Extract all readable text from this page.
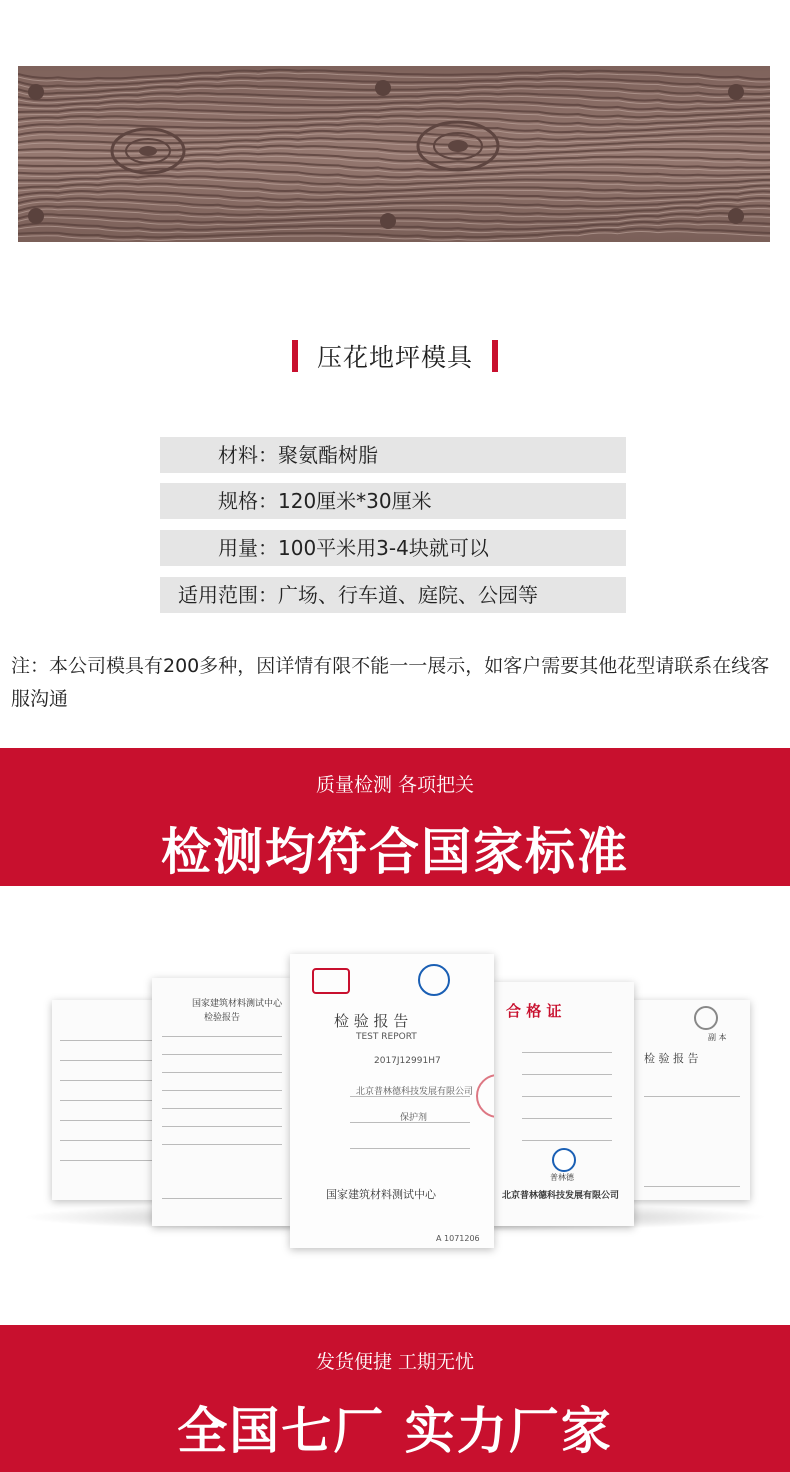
压花地坪模具
材料： 聚氨酯树脂
规格： 120厘米*30厘米
用量： 100平米用3-4块就可以
适用范围： 广场、行车道、庭院、公园等
注：本公司模具有200多种，因详情有限不能一一展示，如客户需要其他花型请联系在线客服沟通
质量检测 各项把关
检测均符合国家标准
国家建筑材料测试中心
检验报告
副 本
检 验 报 告
合 格 证
普林德
北京普林德科技发展有限公司
检 验 报 告
TEST REPORT
2017J12991H7
北京普林德科技发展有限公司
保护剂
国家建筑材料测试中心
A 1071206
发货便捷 工期无忧
全国七厂 实力厂家
